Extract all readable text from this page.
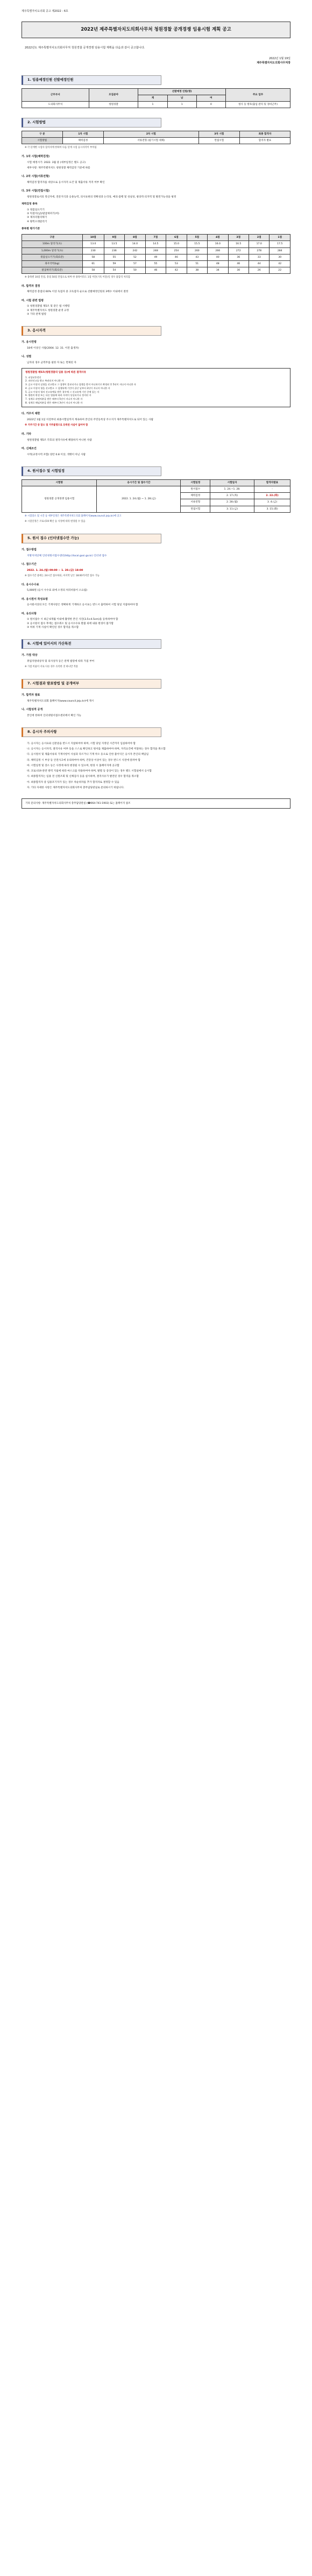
제주특별자치도의회 공고 제2022 - 6호
2022년 제주특별자치도의회사무처 청원경찰 공개경쟁 임용시험 계획 공고
2022년도 제주특별자치도의회사무처 청원경찰 공개경쟁 임용시험 계획을 다음과 같이 공고합니다.
2022년 1월 19일
제주특별자치도의회사무처장
1. 임용예정인원 선발예정인원
근무부서	모집분야	선발예정 인원(명)			주요 업무
		계	남	여	
도의회사무처	청원경찰	1	1	0	청사 등 방호(출입 관리 및 경비근무)
2. 시험방법
구 분	1차 시험	2차 시험	3차 시험	최종 합격자
시험방법	체력검정	서류전형 (필기시험 대체)	면접시험	합격자 발표
※ 각 단계별 시험의 합격자에 한하여 다음 단계 시험 응시자격이 부여됨
가. 1차 시험(체력검정)
시험 예정시기: 2022. 3월 중 (세부일정은 별도 공고)
세부사항: 제주특별자치도 청원경찰 체력검정 기준에 따름
나. 2차 시험(서류전형)
체력검정 합격자를 대상으로 응시자격 요건 및 제출서류 적격 여부 확인
다. 3차 시험(면접시험)
청원경찰로서의 정신자세, 전문지식과 응용능력, 의사표현의 정확성과 논리성, 예의·품행 및 성실성, 창의력·의지력 및 발전가능성을 평정
체력검정 종목
① 윗몸일으키기
② 턱걸이(남)/팔굽혀펴기(여)
③ 제자리멀리뛰기
④ 왕복오래달리기
종목별 평가기준
구분	10점	9점	8점	7점	6점	5점	4점	3점	2점	1점
100m 달리기(초)	13.0	13.5	14.0	14.5	15.0	15.5	16.0	16.5	17.0	17.5
1,000m 달리기(초)	230	236	242	248	254	260	266	272	278	284
윗몸일으키기(회/1분)	58	55	52	49	46	43	40	36	33	30
좌우악력(kg)	61	59	57	55	53	51	48	46	44	42
팔굽혀펴기(회/1분)	58	54	50	46	42	38	34	30	26	22
※ 종목별 10점 만점, 총점 50점 만점으로 하며 한 종목이라도 1점 미만(기록 미달)일 경우 불합격 처리함
라. 합격자 결정
체력검정 총점의 60% 이상 득점자 중 고득점자 순으로 선발예정인원의 3배수 이내에서 결정
마. 시험 관련 법령
① 청원경찰법 제5조 및 같은 법 시행령
② 제주특별자치도 청원경찰 운영 규정
③ 기타 관계 법령
3. 응시자격
가. 응시연령
18세 이상인 사람(2004. 12. 31. 이전 출생자)
나. 성별
남자의 경우 군복무를 필한 자 또는 면제된 자
청원경찰법 제5조(청원경찰의 임용 등)에 따른 결격사유
1. 피성년후견인
2. 파산선고를 받고 복권되지 아니한 자
3. 금고 이상의 실형을 선고받고 그 집행이 종료되거나 집행을 받지 아니하기로 확정된 후 5년이 지나지 아니한 자
4. 금고 이상의 형을 선고받고 그 집행유예 기간이 끝난 날부터 2년이 지나지 아니한 자
5. 금고 이상의 형의 선고유예를 받은 경우에 그 선고유예 기간 중에 있는 자
6. 법원의 판결 또는 다른 법률에 따라 자격이 상실되거나 정지된 자
7. 징계로 파면처분을 받은 때부터 5년이 지나지 아니한 자
8. 징계로 해임처분을 받은 때부터 3년이 지나지 아니한 자
다. 거주지 제한
2022년 1월 1일 이전부터 최종시험일까지 계속하여 본인의 주민등록상 주소지가 제주특별자치도로 되어 있는 사람
※ 거주기간 중 말소 및 거주불명으로 등록된 사실이 없어야 함
라. 기타
청원경찰법 제5조 각호의 결격사유에 해당하지 아니한 사람
마. 신체조건
시력(교정시력 포함) 양안 0.8 이상, 색맹이 아닌 사람
4. 원서접수 및 시험일정
시험명	응시기간 및 접수기간	시험일정	시험일자	합격자발표
청원경찰 공개경쟁 임용시험	2022. 1. 24.(월) ~ 1. 28.(금)	원서접수	1. 24.~1. 28.	-
		체력검정	2. 17.(목)	2. 22.(화)
		서류전형	2. 28.(월)	3. 4.(금)
		면접시험	3. 11.(금)	3. 15.(화)
※ 시험장소 및 시간 등 세부일정은 제주특별자치도의회 홈페이지(www.council.jeju.kr)에 공고
※ 시험일정은 코로나19 확산 등 사정에 따라 변경될 수 있음
5. 원서 접수 (인터넷접수만 가능)
가. 접수방법
지방자치단체 인터넷원서접수센터(http://local.gosi.go.kr) 인터넷 접수
나. 접수기간
2022. 1. 24.(월) 09:00 ~ 1. 28.(금) 18:00
※ 접수기간 중에는 24시간 접수하되, 마지막 날은 18:00까지만 접수 가능
다. 응시수수료
5,000원 (응시 수수료 외에 소정의 처리비용이 소요됨)
라. 응시원서 작성요령
응시원서상의 모든 기재사항은 정확하게 기재하고 응시표는 반드시 출력하여 시험 당일 지참하여야 함
마. 유의사항
① 원서접수 시 최근 6개월 이내에 촬영한 본인 사진(3.5×4.5cm)을 등록하여야 함
② 응시원서 접수 후에는 접수취소 및 응시수수료 환불 외에 내용 변경이 불가함
③ 허위 기재 사실이 확인된 경우 합격을 취소함
6. 시험에 있어서의 가산특전
가. 가점 대상
취업지원대상자 및 의사상자 등은 관계 법령에 따라 가점 부여
※ 가점 비율이 서로 다른 경우 유리한 것 하나만 적용
7. 시험결과 발표방법 및 공개여부
가. 합격자 발표
제주특별자치도의회 홈페이지(www.council.jeju.kr)에 게시
나. 시험성적 공개
본인에 한하여 인터넷원서접수센터에서 확인 가능
8. 응시자 주의사항
가. 응시자는 응시표와 신분증을 반드시 지참하여야 하며, 시험 당일 지정된 시간까지 입실하여야 함
나. 응시자는 응시자격, 결격사유 여부 등을 스스로 확인하고 원서를 제출하여야 하며, 자격요건에 미달하는 경우 합격을 취소함
다. 응시원서 및 제출서류의 기재사항이 사실과 다르거나 기재 착오 등으로 인한 불이익은 응시자 본인의 책임임
라. 체력검정 시 부상 등 안전사고에 유의하여야 하며, 건강상 이상이 있는 경우 반드시 사전에 알려야 함
마. 시험일정 및 장소 등은 사정에 따라 변경될 수 있으며, 변경 시 홈페이지에 공고함
바. 코로나19 관련 방역 지침에 따라 마스크를 착용하여야 하며, 발열 등 증상이 있는 경우 별도 시험실에서 응시함
사. 최종합격자는 임용 전 신원조회 및 신체검사 등을 실시하며, 결격사유가 발견된 경우 합격을 취소함
아. 최종합격자 중 임용포기자가 있는 경우 차순위자를 추가 합격자로 결정할 수 있음
자. 기타 자세한 사항은 제주특별자치도의회사무처 총무담당관실로 문의하시기 바랍니다.
기타 문의사항: 제주특별자치도의회사무처 총무담당관실 (☎064-741-1903) 또는 홈페이지 참조
